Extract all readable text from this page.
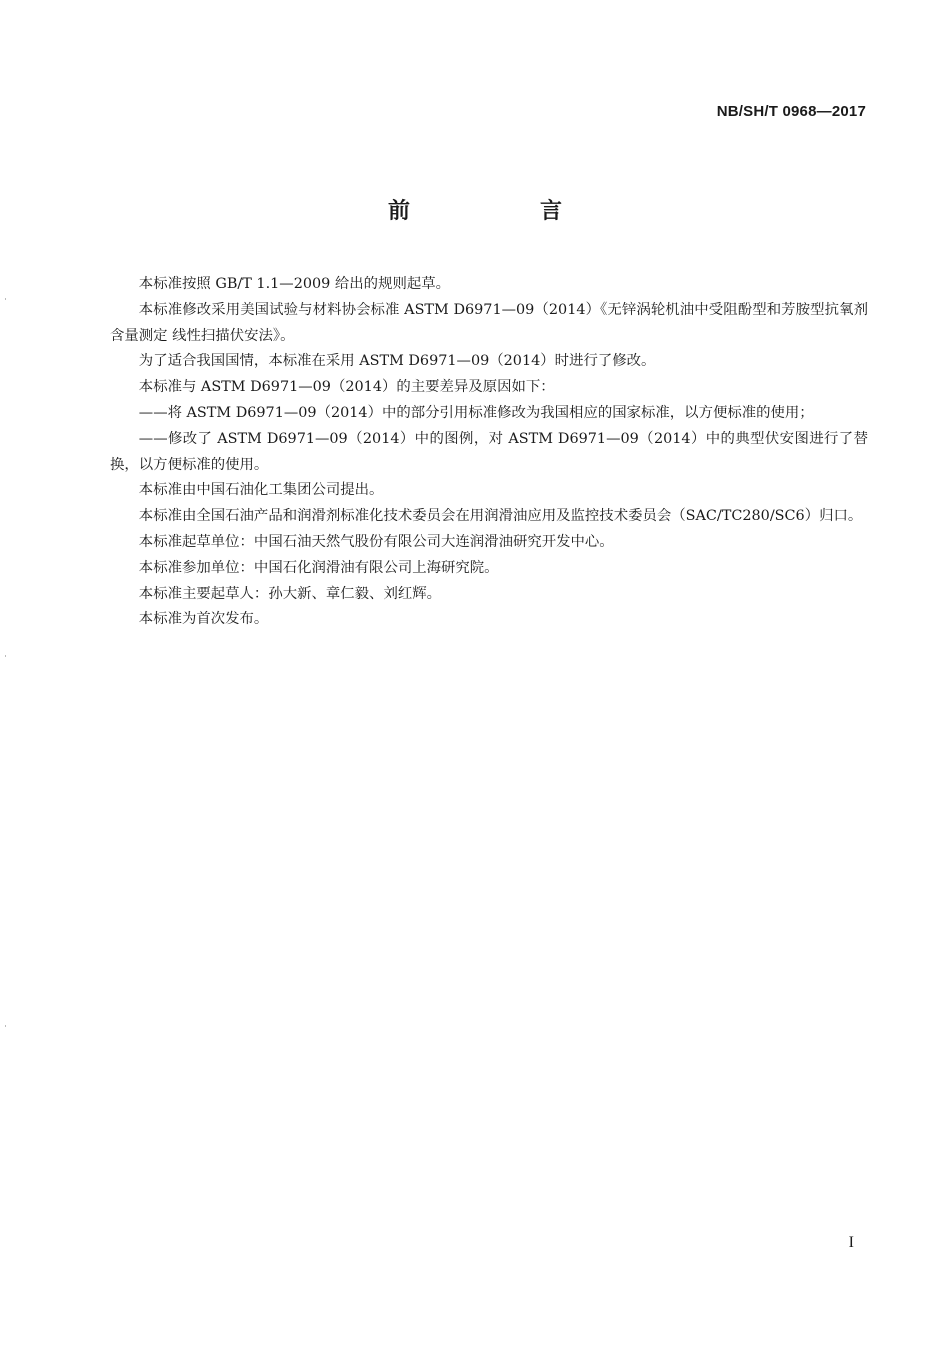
NB/SH/T 0968—2017
前　言

本标准按照 GB/T 1.1—2009 给出的规则起草。

本标准修改采用美国试验与材料协会标准 ASTM D6971—09（2014）《无锌涡轮机油中受阻酚型和芳胺型抗氧剂含量测定 线性扫描伏安法》。

为了适合我国国情，本标准在采用 ASTM D6971—09（2014）时进行了修改。

本标准与 ASTM D6971—09（2014）的主要差异及原因如下：

——将 ASTM D6971—09（2014）中的部分引用标准修改为我国相应的国家标准，以方便标准的使用；

——修改了 ASTM D6971—09（2014）中的图例，对 ASTM D6971—09（2014）中的典型伏安图进行了替换，以方便标准的使用。

本标准由中国石油化工集团公司提出。

本标准由全国石油产品和润滑剂标准化技术委员会在用润滑油应用及监控技术委员会（SAC/TC280/SC6）归口。

本标准起草单位：中国石油天然气股份有限公司大连润滑油研究开发中心。

本标准参加单位：中国石化润滑油有限公司上海研究院。

本标准主要起草人：孙大新、章仁毅、刘红辉。

本标准为首次发布。

I
